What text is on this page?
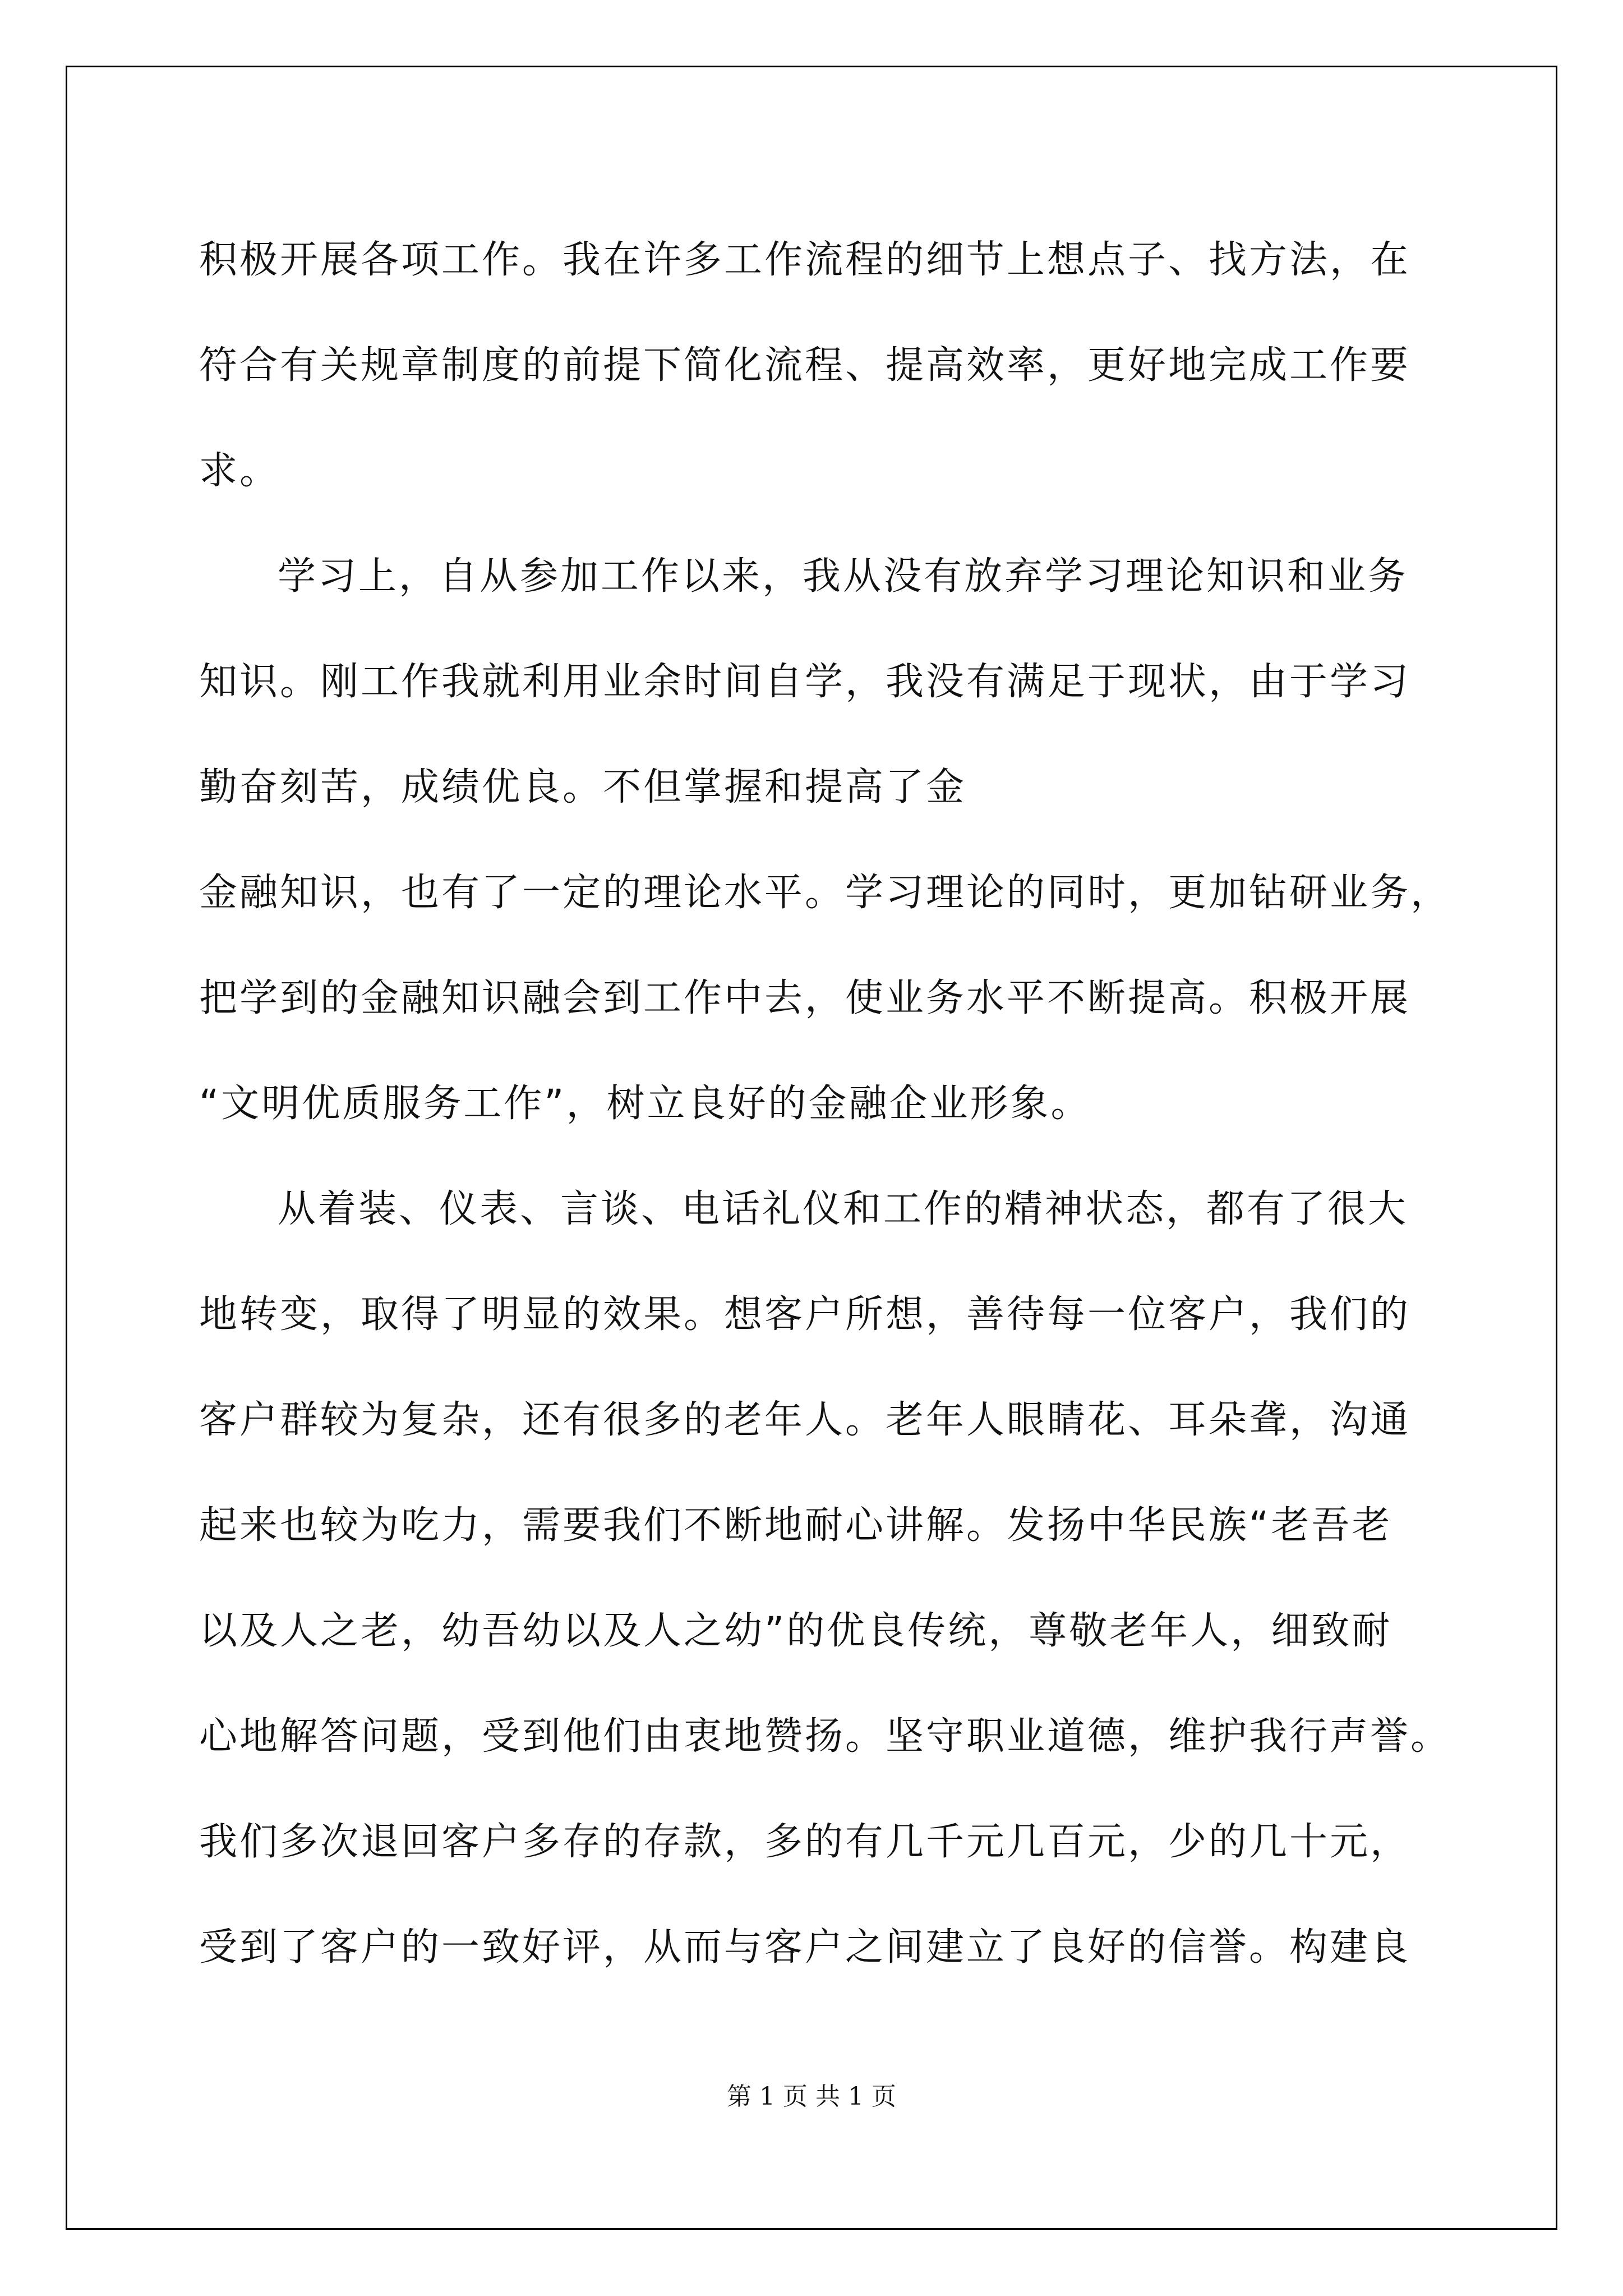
积极开展各项工作。我在许多工作流程的细节上想点子、找方法，在

符合有关规章制度的前提下简化流程、提高效率，更好地完成工作要

求。

学习上，自从参加工作以来，我从没有放弃学习理论知识和业务

知识。刚工作我就利用业余时间自学，我没有满足于现状，由于学习

勤奋刻苦，成绩优良。不但掌握和提高了金

金融知识，也有了一定的理论水平。学习理论的同时，更加钻研业务，

把学到的金融知识融会到工作中去，使业务水平不断提高。积极开展

“文明优质服务工作”，树立良好的金融企业形象。

从着装、仪表、言谈、电话礼仪和工作的精神状态，都有了很大

地转变，取得了明显的效果。想客户所想，善待每一位客户，我们的

客户群较为复杂，还有很多的老年人。老年人眼睛花、耳朵聋，沟通

起来也较为吃力，需要我们不断地耐心讲解。发扬中华民族“老吾老

以及人之老，幼吾幼以及人之幼”的优良传统，尊敬老年人，细致耐

心地解答问题，受到他们由衷地赞扬。坚守职业道德，维护我行声誉。

我们多次退回客户多存的存款，多的有几千元几百元，少的几十元，

受到了客户的一致好评，从而与客户之间建立了良好的信誉。构建良

第 1 页 共 1 页
